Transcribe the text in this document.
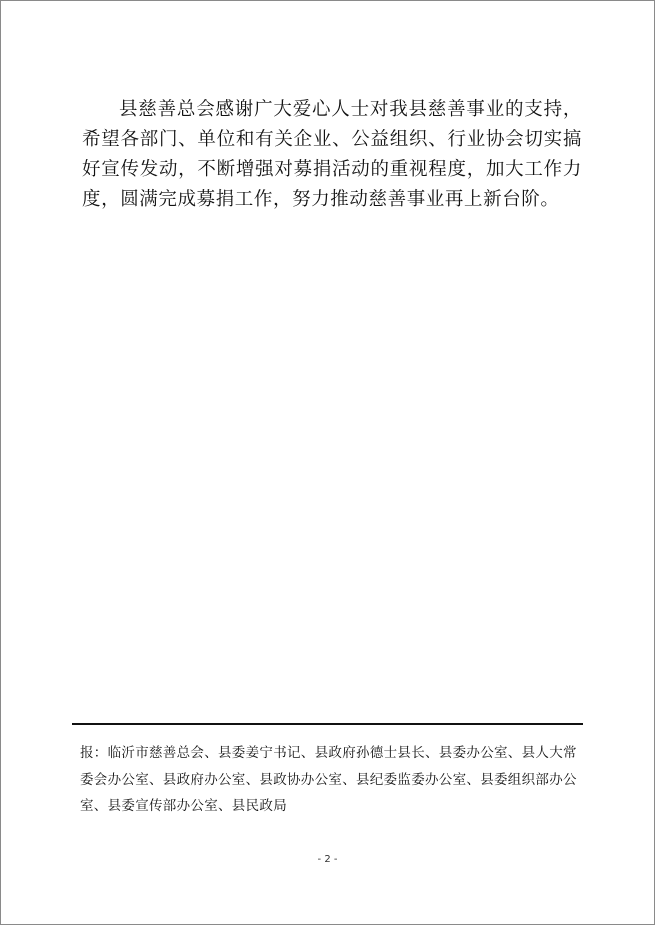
县慈善总会感谢广大爱心人士对我县慈善事业的支持，希望各部门、单位和有关企业、公益组织、行业协会切实搞好宣传发动，不断增强对募捐活动的重视程度，加大工作力度，圆满完成募捐工作，努力推动慈善事业再上新台阶。

报：临沂市慈善总会、县委姜宁书记、县政府孙德士县长、县委办公室、县人大常委会办公室、县政府办公室、县政协办公室、县纪委监委办公室、县委组织部办公室、县委宣传部办公室、县民政局

- 2 -
